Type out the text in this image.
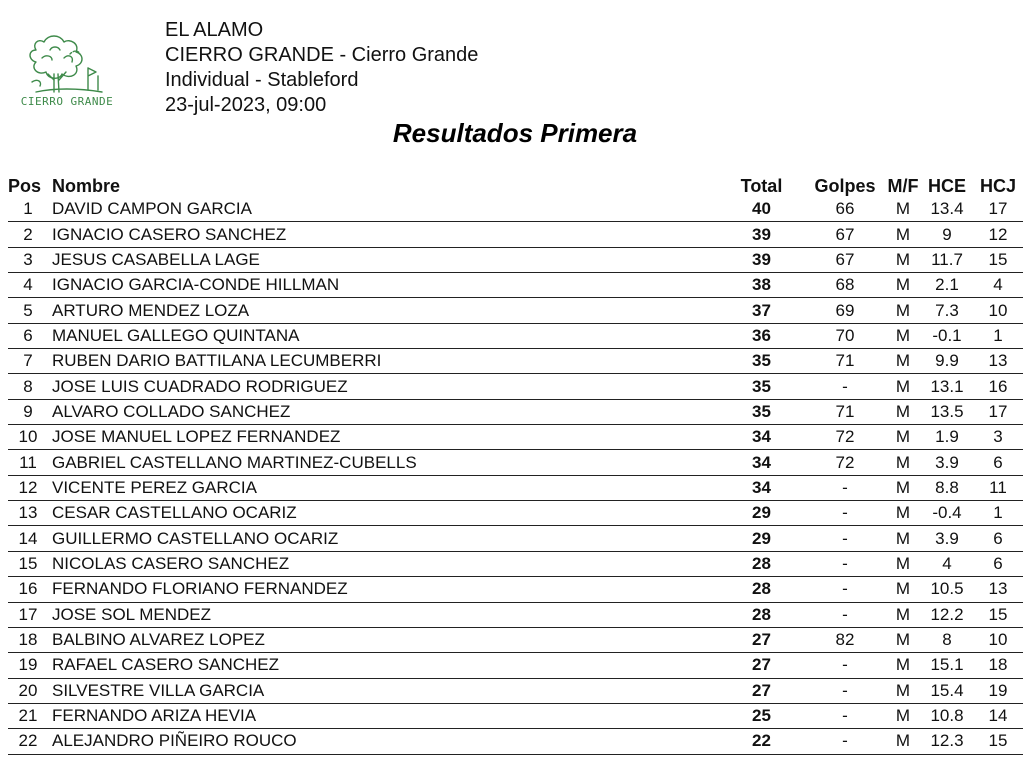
CIERRO GRANDE
EL ALAMO
CIERRO GRANDE - Cierro Grande
Individual - Stableford
23-jul-2023, 09:00
Resultados Primera
Pos	Nombre	Total	Golpes	M/F	HCE	HCJ
1	DAVID CAMPON GARCIA	40	66	M	13.4	17
2	IGNACIO CASERO SANCHEZ	39	67	M	9	12
3	JESUS CASABELLA LAGE	39	67	M	11.7	15
4	IGNACIO GARCIA-CONDE HILLMAN	38	68	M	2.1	4
5	ARTURO MENDEZ LOZA	37	69	M	7.3	10
6	MANUEL GALLEGO QUINTANA	36	70	M	-0.1	1
7	RUBEN DARIO BATTILANA LECUMBERRI	35	71	M	9.9	13
8	JOSE LUIS CUADRADO RODRIGUEZ	35	-	M	13.1	16
9	ALVARO COLLADO SANCHEZ	35	71	M	13.5	17
10	JOSE MANUEL LOPEZ FERNANDEZ	34	72	M	1.9	3
11	GABRIEL CASTELLANO MARTINEZ-CUBELLS	34	72	M	3.9	6
12	VICENTE PEREZ GARCIA	34	-	M	8.8	11
13	CESAR CASTELLANO OCARIZ	29	-	M	-0.4	1
14	GUILLERMO CASTELLANO OCARIZ	29	-	M	3.9	6
15	NICOLAS CASERO SANCHEZ	28	-	M	4	6
16	FERNANDO FLORIANO FERNANDEZ	28	-	M	10.5	13
17	JOSE SOL MENDEZ	28	-	M	12.2	15
18	BALBINO ALVAREZ LOPEZ	27	82	M	8	10
19	RAFAEL CASERO SANCHEZ	27	-	M	15.1	18
20	SILVESTRE VILLA GARCIA	27	-	M	15.4	19
21	FERNANDO ARIZA HEVIA	25	-	M	10.8	14
22	ALEJANDRO PIÑEIRO ROUCO	22	-	M	12.3	15
